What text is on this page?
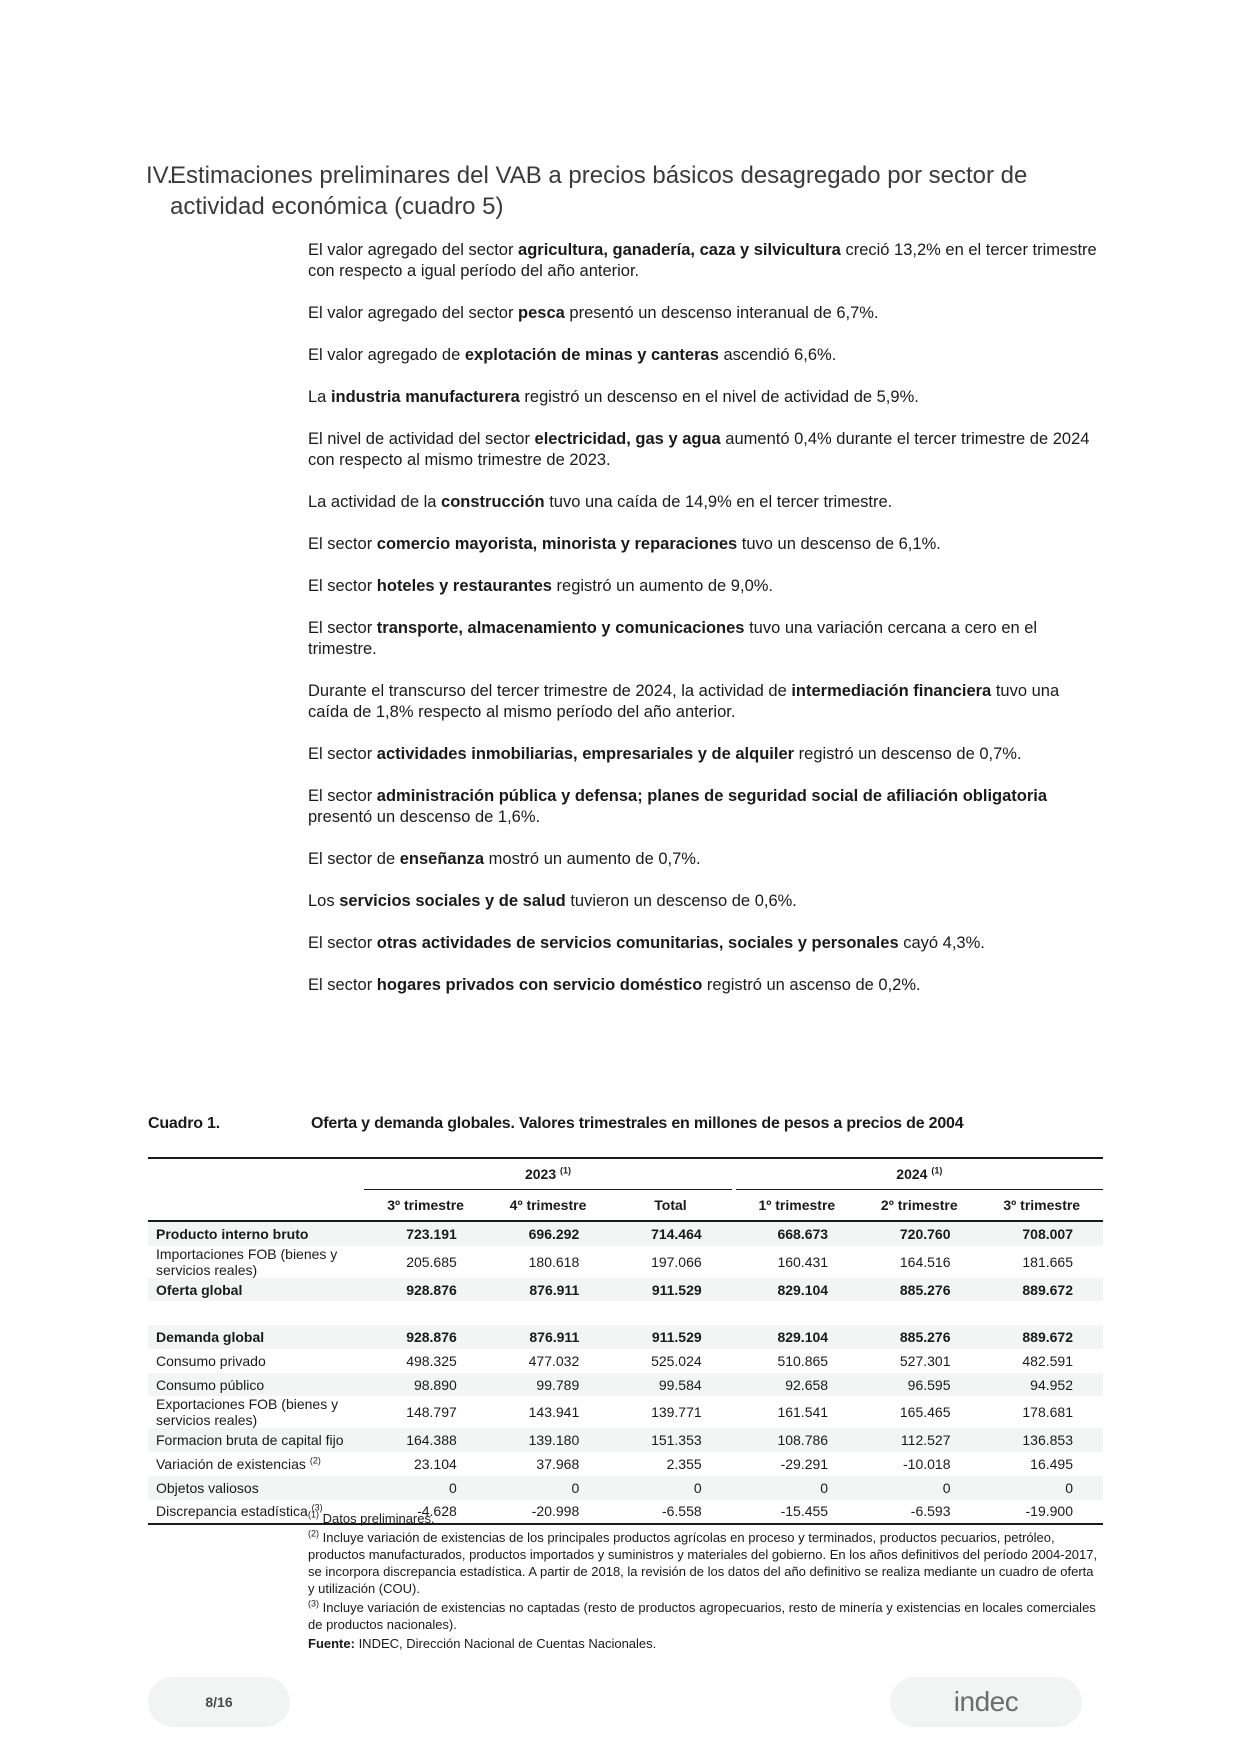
IV.Estimaciones preliminares del VAB a precios básicos desagregado por sector de
actividad económica (cuadro 5)

El valor agregado del sector agricultura, ganadería, caza y silvicultura creció 13,2% en el tercer trimestre con respecto a igual período del año anterior.

El valor agregado del sector pesca presentó un descenso interanual de 6,7%.

El valor agregado de explotación de minas y canteras ascendió 6,6%.

La industria manufacturera registró un descenso en el nivel de actividad de 5,9%.

El nivel de actividad del sector electricidad, gas y agua aumentó 0,4% durante el tercer trimestre de 2024 con respecto al mismo trimestre de 2023.

La actividad de la construcción tuvo una caída de 14,9% en el tercer trimestre.

El sector comercio mayorista, minorista y reparaciones tuvo un descenso de 6,1%.

El sector hoteles y restaurantes registró un aumento de 9,0%.

El sector transporte, almacenamiento y comunicaciones tuvo una variación cercana a cero en el trimestre.

Durante el transcurso del tercer trimestre de 2024, la actividad de intermediación financiera tuvo una caída de 1,8% respecto al mismo período del año anterior.

El sector actividades inmobiliarias, empresariales y de alquiler registró un descenso de 0,7%.

El sector administración pública y defensa; planes de seguridad social de afiliación obligatoria presentó un descenso de 1,6%.

El sector de enseñanza mostró un aumento de 0,7%.

Los servicios sociales y de salud tuvieron un descenso de 0,6%.

El sector otras actividades de servicios comunitarias, sociales y personales cayó 4,3%.

El sector hogares privados con servicio doméstico registró un ascenso de 0,2%.

Cuadro 1.	Oferta y demanda globales. Valores trimestrales en millones de pesos a precios de 2004
	2023 $^{(1)}$				2024 $^{(1)}$
	3º trimestre	4º trimestre	Total		1º trimestre	2º trimestre	3º trimestre
Producto interno bruto	723.191	696.292	714.464		668.673	720.760	708.007
Importaciones FOB (bienes y servicios reales)	205.685	180.618	197.066		160.431	164.516	181.665
Oferta global	928.876	876.911	911.529		829.104	885.276	889.672

Demanda global	928.876	876.911	911.529		829.104	885.276	889.672
Consumo privado	498.325	477.032	525.024		510.865	527.301	482.591
Consumo público	98.890	99.789	99.584		92.658	96.595	94.952
Exportaciones FOB (bienes y servicios reales)	148.797	143.941	139.771		161.541	165.465	178.681
Formacion bruta de capital fijo	164.388	139.180	151.353		108.786	112.527	136.853
Variación de existencias $^{(2)}$	23.104	37.968	2.355		-29.291	-10.018	16.495
Objetos valiosos	0	0	0		0	0	0
Discrepancia estadística $^{(3)}$	-4.628	-20.998	-6.558		-15.455	-6.593	-19.900

$^{(1)}$ Datos preliminares.

$^{(2)}$ Incluye variación de existencias de los principales productos agrícolas en proceso y terminados, productos pecuarios, petróleo, productos manufacturados, productos importados y suministros y materiales del gobierno. En los años definitivos del período 2004-2017, se incorpora discrepancia estadística. A partir de 2018, la revisión de los datos del año definitivo se realiza mediante un cuadro de oferta y utilización (COU).

$^{(3)}$ Incluye variación de existencias no captadas (resto de productos agropecuarios, resto de minería y existencias en locales comerciales de productos nacionales).

Fuente: INDEC, Dirección Nacional de Cuentas Nacionales.

8/16	indec
